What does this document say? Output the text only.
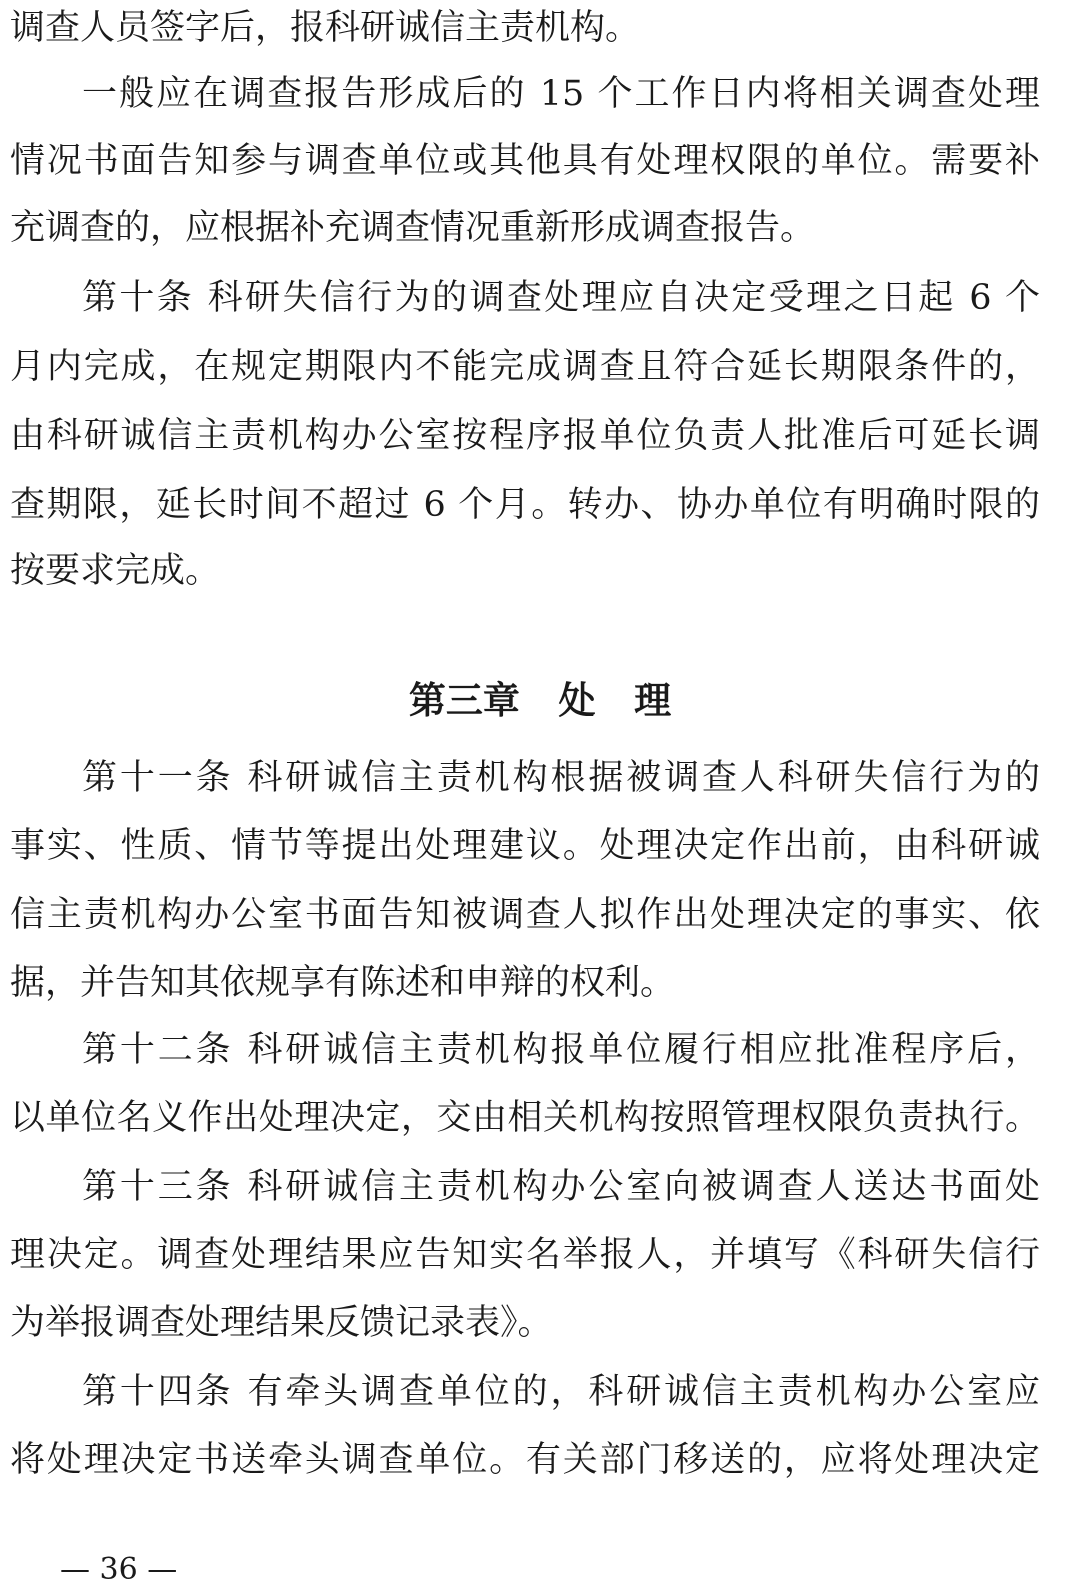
调查人员签字后，报科研诚信主责机构。
一般应在调查报告形成后的 15 个工作日内将相关调查处理
情况书面告知参与调查单位或其他具有处理权限的单位。需要补
充调查的，应根据补充调查情况重新形成调查报告。
第十条 科研失信行为的调查处理应自决定受理之日起 6 个
月内完成，在规定期限内不能完成调查且符合延长期限条件的，
由科研诚信主责机构办公室按程序报单位负责人批准后可延长调
查期限，延长时间不超过 6 个月。转办、协办单位有明确时限的
按要求完成。
第三章   处   理
第十一条 科研诚信主责机构根据被调查人科研失信行为的
事实、性质、情节等提出处理建议。处理决定作出前，由科研诚
信主责机构办公室书面告知被调查人拟作出处理决定的事实、依
据，并告知其依规享有陈述和申辩的权利。
第十二条 科研诚信主责机构报单位履行相应批准程序后，
以单位名义作出处理决定，交由相关机构按照管理权限负责执行。
第十三条 科研诚信主责机构办公室向被调查人送达书面处
理决定。调查处理结果应告知实名举报人，并填写《科研失信行
为举报调查处理结果反馈记录表》。
第十四条 有牵头调查单位的，科研诚信主责机构办公室应
将处理决定书送牵头调查单位。有关部门移送的，应将处理决定
— 36 —
